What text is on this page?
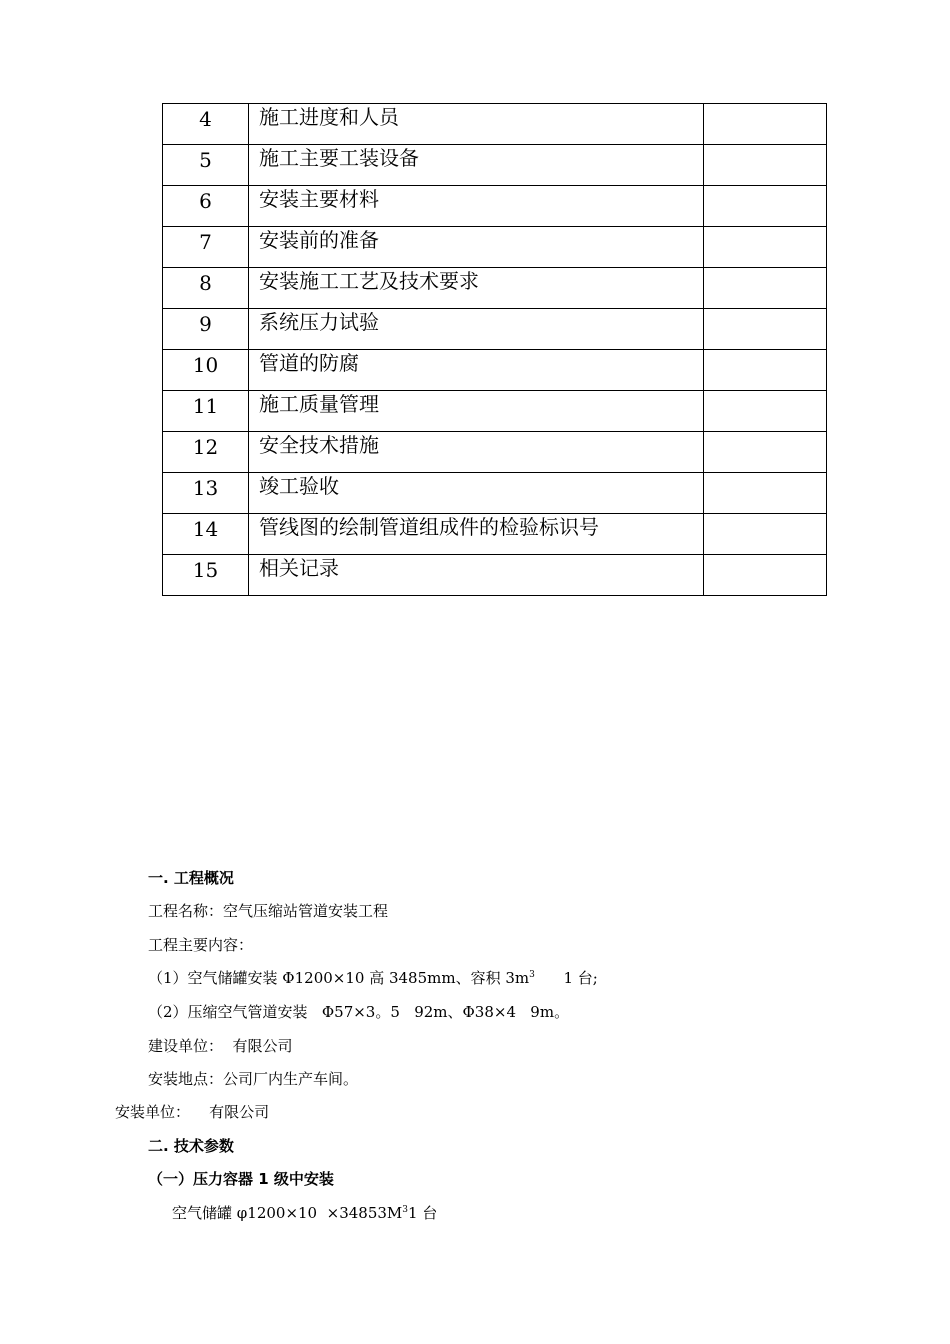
4	施工进度和人员	
5	施工主要工装设备	
6	安装主要材料	
7	安装前的准备	
8	安装施工工艺及技术要求	
9	系统压力试验	
10	管道的防腐	
11	施工质量管理	
12	安全技术措施	
13	竣工验收	
14	管线图的绘制管道组成件的检验标识号	
15	相关记录	
一. 工程概况
工程名称：空气压缩站管道安装工程
工程主要内容：
（1）空气储罐安装 Φ1200×10 高 3485mm、容积 $3m^3$      1 台;
（2）压缩空气管道安装   Φ57×3。5   92m、Φ38×4   9m。
建设单位：  有限公司
安装地点：公司厂内生产车间。
安装单位：    有限公司
二. 技术参数
（一）压力容器 1 级中安装
空气储罐 $\varphi 1200\times 10 \times 34853M^31$ 台
